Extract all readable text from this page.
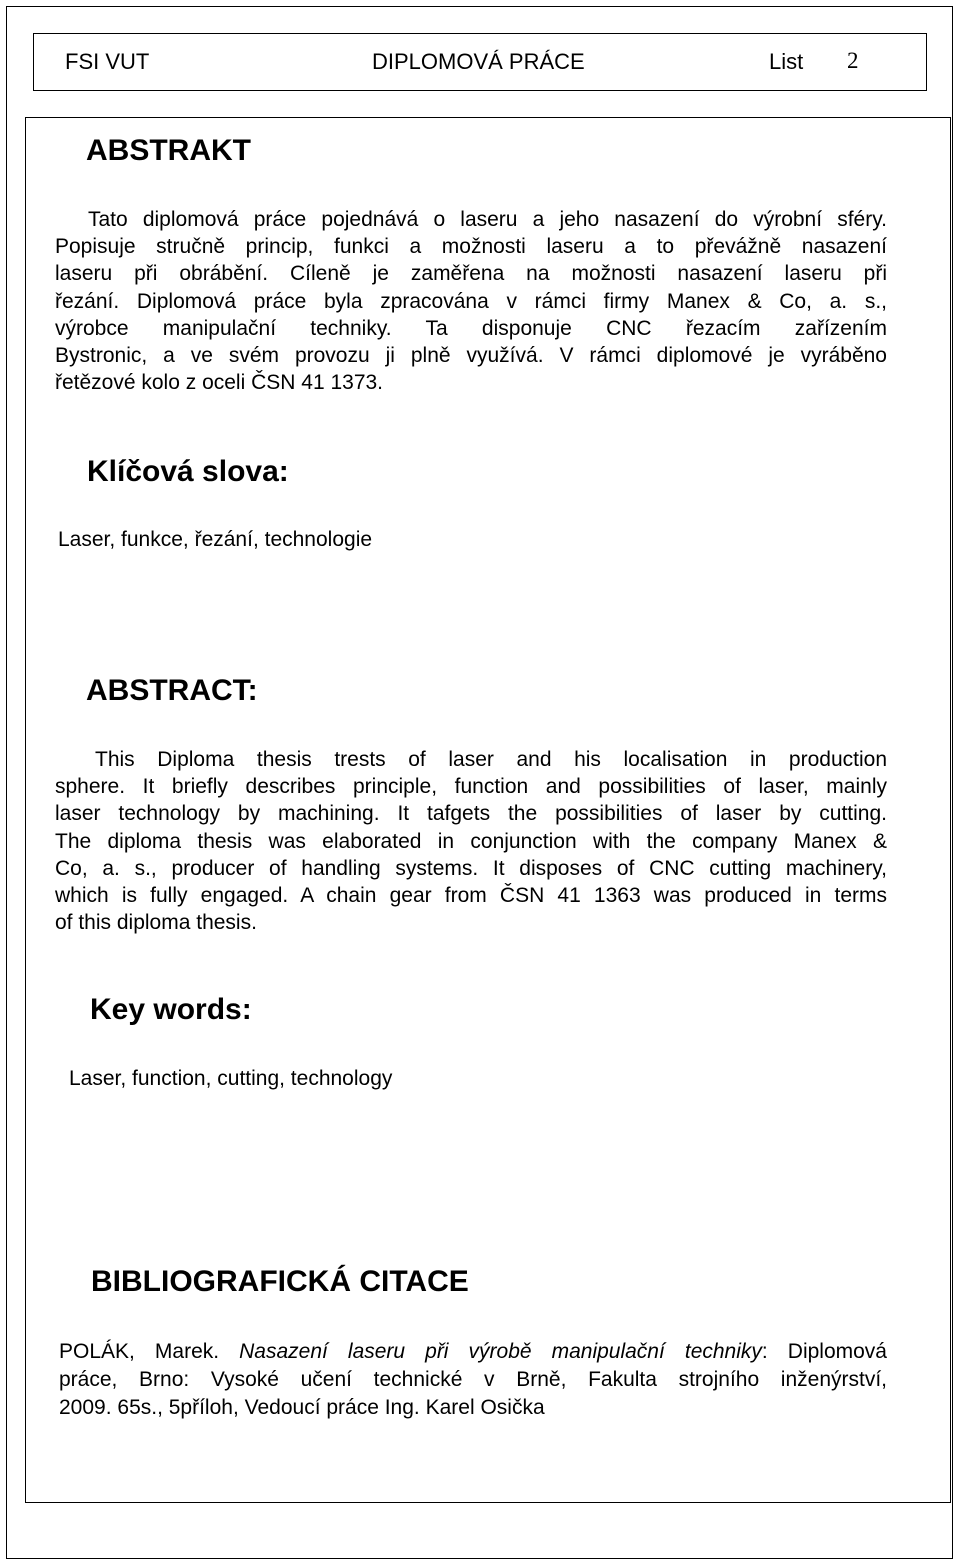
FSI VUT	DIPLOMOVÁ PRÁCE	List 2
ABSTRAKT
Tato diplomová práce pojednává o laseru a jeho nasazení do výrobní sféry.
Popisuje stručně princip, funkci a možnosti laseru a to převážně nasazení
laseru při obrábění. Cíleně je zaměřena na možnosti nasazení laseru při
řezání. Diplomová práce byla zpracována v rámci firmy Manex & Co, a. s.,
výrobce manipulační techniky. Ta disponuje CNC řezacím zařízením
Bystronic, a ve svém provozu ji plně využívá. V rámci diplomové je vyráběno
řetězové kolo z oceli ČSN 41 1373.
Klíčová slova:
Laser, funkce, řezání, technologie
ABSTRACT:
This Diploma thesis trests of laser and his localisation in production
sphere. It briefly describes principle, function and possibilities of laser, mainly
laser technology by machining. It tafgets the possibilities of laser by cutting.
The diploma thesis was elaborated in conjunction with the company Manex &
Co, a. s., producer of handling systems. It disposes of CNC cutting machinery,
which is fully engaged. A chain gear from ČSN 41 1363 was produced in terms
of this diploma thesis.
Key words:
Laser, function, cutting, technology
BIBLIOGRAFICKÁ CITACE
POLÁK, Marek. Nasazení laseru při výrobě manipulační techniky: Diplomová
práce, Brno: Vysoké učení technické v Brně, Fakulta strojního inženýrství,
2009. 65s., 5příloh, Vedoucí práce Ing. Karel Osička
